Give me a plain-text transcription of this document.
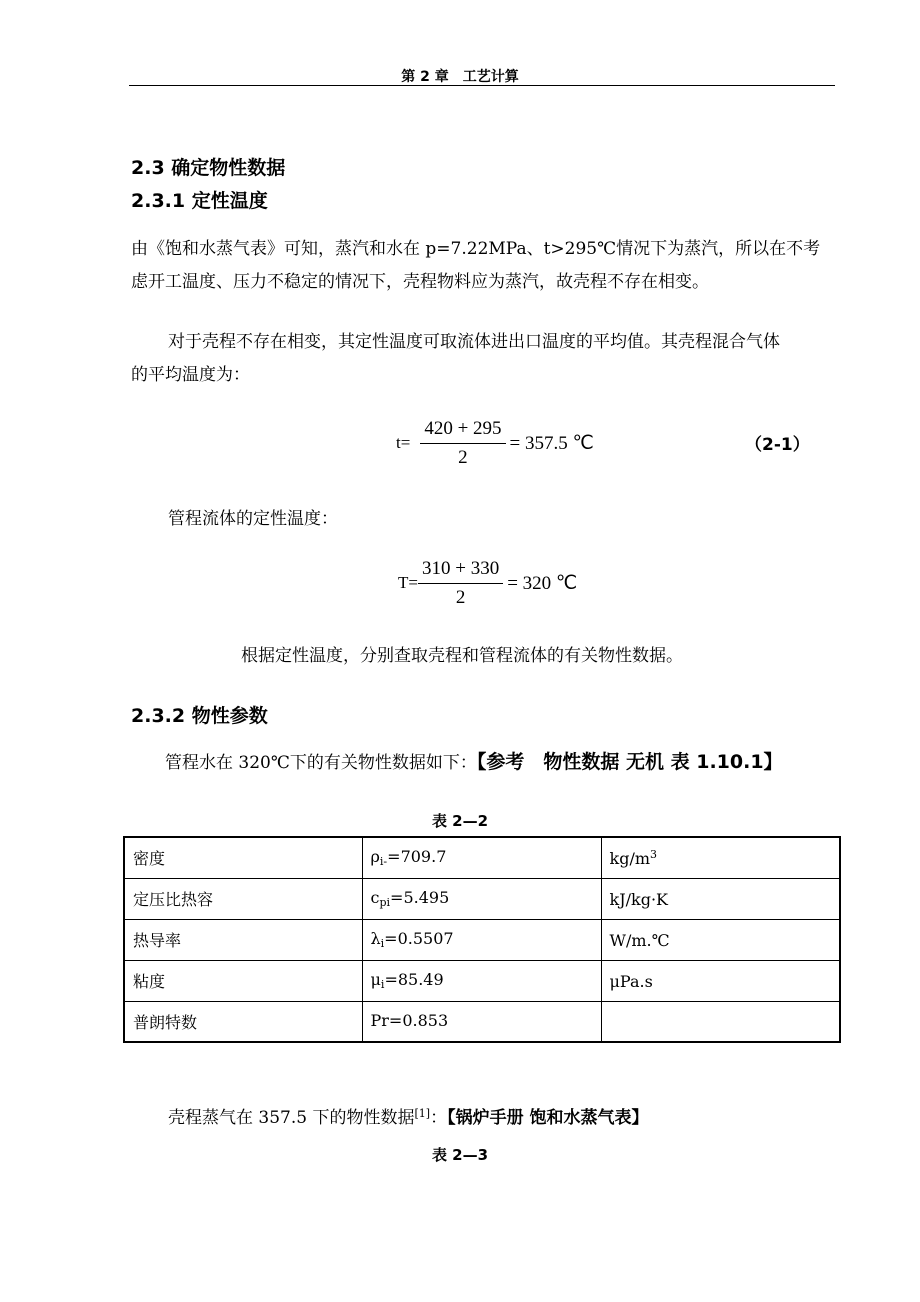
第 2 章　工艺计算
2.3 确定物性数据
2.3.1 定性温度
由《饱和水蒸气表》可知，蒸汽和水在 p=7.22MPa、t>295℃情况下为蒸汽，所以在不考
虑开工温度、压力不稳定的情况下，壳程物料应为蒸汽，故壳程不存在相变。
对于壳程不存在相变，其定性温度可取流体进出口温度的平均值。其壳程混合气体
的平均温度为：
$t= \frac{420 + 295}{2} = 357.5$ ℃	（2-1）
管程流体的定性温度：
$T= \frac{310 + 330}{2} = 320$ ℃
根据定性温度，分别查取壳程和管程流体的有关物性数据。
2.3.2 物性参数
管程水在 320℃下的有关物性数据如下：【参考　物性数据 无机 表 1.10.1】
表 2—2
密度	$\rho_{i-}=709.7$	$kg/m^3$
定压比热容	$c_{pi}=5.495$	kJ/kg·K
热导率	$\lambda_i=0.5507$	W/m.℃
粘度	$\mu_i=85.49$	μPa.s
普朗特数	Pr=0.853	
壳程蒸气在 357.5 下的物性数据[1]：【锅炉手册 饱和水蒸气表】
表 2—3
